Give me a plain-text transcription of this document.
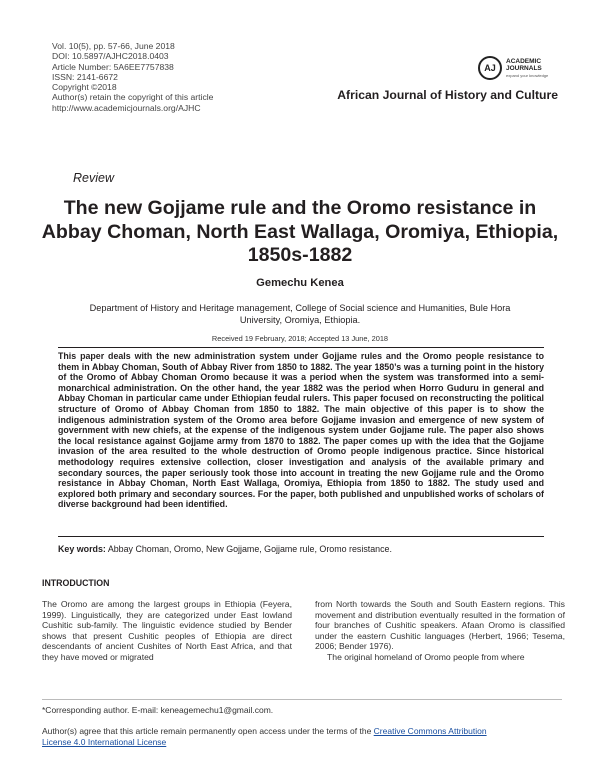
Vol. 10(5), pp. 57-66, June 2018
DOI: 10.5897/AJHC2018.0403
Article Number: 5A6EE7757838
ISSN: 2141-6672
Copyright ©2018
Author(s) retain the copyright of this article
http://www.academicjournals.org/AJHC
AJ
ACADEMIC
JOURNALS
expand your knowledge
African Journal of History and Culture
Review
The new Gojjame rule and the Oromo resistance in Abbay Choman, North East Wallaga, Oromiya, Ethiopia, 1850s-1882
Gemechu Kenea
Department of History and Heritage management, College of Social science and Humanities, Bule Hora University, Oromiya, Ethiopia.
Received 19 February, 2018; Accepted 13 June, 2018
This paper deals with the new administration system under Gojjame rules and the Oromo people resistance to them in Abbay Choman, South of Abbay River from 1850 to 1882. The year 1850’s was a turning point in the history of the Oromo of Abbay Choman Oromo because it was a period when the system was transformed into a semi- monarchical administration. On the other hand, the year 1882 was the period when Horro Guduru in general and Abbay Choman in particular came under Ethiopian feudal rulers. This paper focused on reconstructing the political structure of Oromo of Abbay Choman from 1850 to 1882. The main objective of this paper is to show the indigenous administration system of the Oromo area before Gojjame invasion and emergence of new system of government with new chiefs, at the expense of the indigenous system under Gojjame rule. The paper also shows the local resistance against Gojjame army from 1870 to 1882. The paper comes up with the idea that the Gojjame invasion of the area resulted to the whole destruction of Oromo people indigenous practice. Since historical methodology requires extensive collection, closer investigation and analysis of the available primary and secondary sources, the paper seriously took those into account in treating the new Gojjame rule and the Oromo resistance in Abbay Choman, North East Wallaga, Oromiya, Ethiopia from 1850 to 1882. The study used and explored both primary and secondary sources. For the paper, both published and unpublished works of scholars of diverse background had been identified.
Key words: Abbay Choman, Oromo, New Gojjame, Gojjame rule, Oromo resistance.
INTRODUCTION

The Oromo are among the largest groups in Ethiopia (Feyera, 1999). Linguistically, they are categorized under East lowland Cushitic sub-family. The linguistic evidence studied by Bender shows that present Cushitic peoples of Ethiopia are direct descendants of ancient Cushites of North East Africa, and that they have moved or migrated

from North towards the South and South Eastern regions. This movement and distribution eventually resulted in the formation of four branches of Cushitic speakers. Afaan Oromo is classified under the eastern Cushitic languages (Herbert, 1966; Tesema, 2006; Bender 1976).

The original homeland of Oromo people from where

*Corresponding author. E-mail: keneagemechu1@gmail.com.
Author(s) agree that this article remain permanently open access under the terms of the Creative Commons Attribution
License 4.0 International License
